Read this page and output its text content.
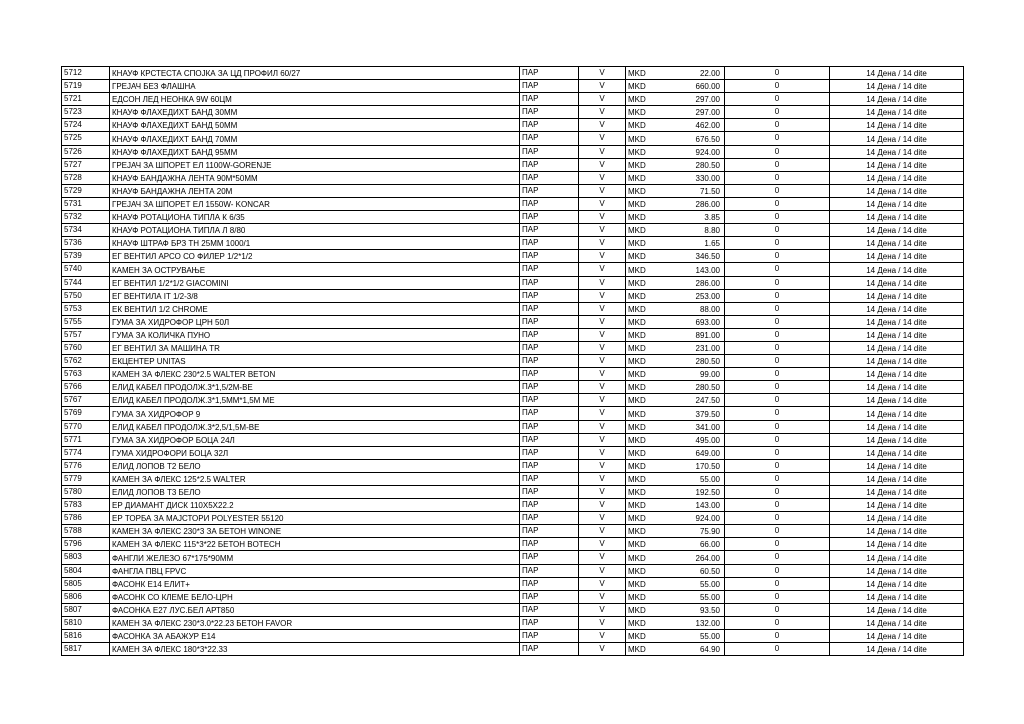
5712	КНАУФ КРСТЕСТА СПОЈКА ЗА ЦД ПРОФИЛ 60/27	ПАР	V	MKD	22.00	0	14 Дена / 14 dite
5719	ГРЕЈАЧ БЕЗ ФЛАШНА	ПАР	V	MKD	660.00	0	14 Дена / 14 dite
5721	ЕДСОН ЛЕД НЕОНКА 9W 60ЦМ	ПАР	V	MKD	297.00	0	14 Дена / 14 dite
5723	КНАУФ ФЛАХЕДИХТ БАНД 30ММ	ПАР	V	MKD	297.00	0	14 Дена / 14 dite
5724	КНАУФ ФЛАХЕДИХТ БАНД 50ММ	ПАР	V	MKD	462.00	0	14 Дена / 14 dite
5725	КНАУФ ФЛАХЕДИХТ БАНД 70ММ	ПАР	V	MKD	676.50	0	14 Дена / 14 dite
5726	КНАУФ ФЛАХЕДИХТ БАНД 95ММ	ПАР	V	MKD	924.00	0	14 Дена / 14 dite
5727	ГРЕЈАЧ ЗА ШПОРЕТ ЕЛ 1100W-GORENJE	ПАР	V	MKD	280.50	0	14 Дена / 14 dite
5728	КНАУФ БАНДАЖНА ЛЕНТА 90М*50ММ	ПАР	V	MKD	330.00	0	14 Дена / 14 dite
5729	КНАУФ БАНДАЖНА ЛЕНТА 20М	ПАР	V	MKD	71.50	0	14 Дена / 14 dite
5731	ГРЕЈАЧ ЗА ШПОРЕТ ЕЛ 1550W- KONCAR	ПАР	V	MKD	286.00	0	14 Дена / 14 dite
5732	КНАУФ РОТАЦИОНА ТИПЛА К 6/35	ПАР	V	MKD	3.85	0	14 Дена / 14 dite
5734	КНАУФ РОТАЦИОНА ТИПЛА Л 8/80	ПАР	V	MKD	8.80	0	14 Дена / 14 dite
5736	КНАУФ ШТРАФ БРЗ ТН 25ММ 1000/1	ПАР	V	MKD	1.65	0	14 Дена / 14 dite
5739	ЕГ ВЕНТИЛ АРСО СО ФИЛЕР 1/2*1/2	ПАР	V	MKD	346.50	0	14 Дена / 14 dite
5740	КАМЕН ЗА ОСТРУВАЊЕ	ПАР	V	MKD	143.00	0	14 Дена / 14 dite
5744	ЕГ ВЕНТИЛ 1/2*1/2 GIACOMINI	ПАР	V	MKD	286.00	0	14 Дена / 14 dite
5750	ЕГ ВЕНТИЛА IT 1/2-3/8	ПАР	V	MKD	253.00	0	14 Дена / 14 dite
5753	ЕК ВЕНТИЛ 1/2 CHROME	ПАР	V	MKD	88.00	0	14 Дена / 14 dite
5755	ГУМА ЗА ХИДРОФОР ЦРН 50Л	ПАР	V	MKD	693.00	0	14 Дена / 14 dite
5757	ГУМА ЗА КОЛИЧКА ПУНО	ПАР	V	MKD	891.00	0	14 Дена / 14 dite
5760	ЕГ ВЕНТИЛ ЗА МАШИНА TR	ПАР	V	MKD	231.00	0	14 Дена / 14 dite
5762	ЕКЦЕНТЕР UNITAS	ПАР	V	MKD	280.50	0	14 Дена / 14 dite
5763	КАМЕН ЗА ФЛЕКС 230*2.5 WALTER BETON	ПАР	V	MKD	99.00	0	14 Дена / 14 dite
5766	ЕЛИД КАБЕЛ ПРОДОЛЖ.3*1,5/2М-ВЕ	ПАР	V	MKD	280.50	0	14 Дена / 14 dite
5767	ЕЛИД КАБЕЛ ПРОДОЛЖ.3*1,5ММ*1,5М МЕ	ПАР	V	MKD	247.50	0	14 Дена / 14 dite
5769	ГУМА ЗА ХИДРОФОР 9	ПАР	V	MKD	379.50	0	14 Дена / 14 dite
5770	ЕЛИД КАБЕЛ ПРОДОЛЖ.3*2,5/1,5М-ВЕ	ПАР	V	MKD	341.00	0	14 Дена / 14 dite
5771	ГУМА ЗА ХИДРОФОР БОЦА 24Л	ПАР	V	MKD	495.00	0	14 Дена / 14 dite
5774	ГУМА ХИДРОФОРИ БОЦА 32Л	ПАР	V	MKD	649.00	0	14 Дена / 14 dite
5776	ЕЛИД ЛОПОВ Т2 БЕЛО	ПАР	V	MKD	170.50	0	14 Дена / 14 dite
5779	КАМЕН ЗА ФЛЕКС 125*2.5 WALTER	ПАР	V	MKD	55.00	0	14 Дена / 14 dite
5780	ЕЛИД ЛОПОВ Т3 БЕЛО	ПАР	V	MKD	192.50	0	14 Дена / 14 dite
5783	ЕР ДИАМАНТ ДИСК 110X5X22.2	ПАР	V	MKD	143.00	0	14 Дена / 14 dite
5786	ЕР ТОРБА ЗА МАЈСТОРИ POLYESTER 55120	ПАР	V	MKD	924.00	0	14 Дена / 14 dite
5788	КАМЕН ЗА ФЛЕКС 230*3 ЗА БЕТОН WINONE	ПАР	V	MKD	75.90	0	14 Дена / 14 dite
5796	КАМЕН ЗА ФЛЕКС 115*3*22 БЕТОН BOTECH	ПАР	V	MKD	66.00	0	14 Дена / 14 dite
5803	ФАНГЛИ ЖЕЛЕЗО 67*175*90ММ	ПАР	V	MKD	264.00	0	14 Дена / 14 dite
5804	ФАНГЛА ПВЦ FPVC	ПАР	V	MKD	60.50	0	14 Дена / 14 dite
5805	ФАСОНК Е14 ЕЛИТ+	ПАР	V	MKD	55.00	0	14 Дена / 14 dite
5806	ФАСОНК СО КЛЕМЕ БЕЛО-ЦРН	ПАР	V	MKD	55.00	0	14 Дена / 14 dite
5807	ФАСОНКА Е27 ЛУС.БЕЛ АРТ850	ПАР	V	MKD	93.50	0	14 Дена / 14 dite
5810	КАМЕН ЗА ФЛЕКС 230*3.0*22.23 БЕТОН FAVOR	ПАР	V	MKD	132.00	0	14 Дена / 14 dite
5816	ФАСОНКА ЗА АБАЖУР Е14	ПАР	V	MKD	55.00	0	14 Дена / 14 dite
5817	КАМЕН ЗА ФЛЕКС 180*3*22.33	ПАР	V	MKD	64.90	0	14 Дена / 14 dite
